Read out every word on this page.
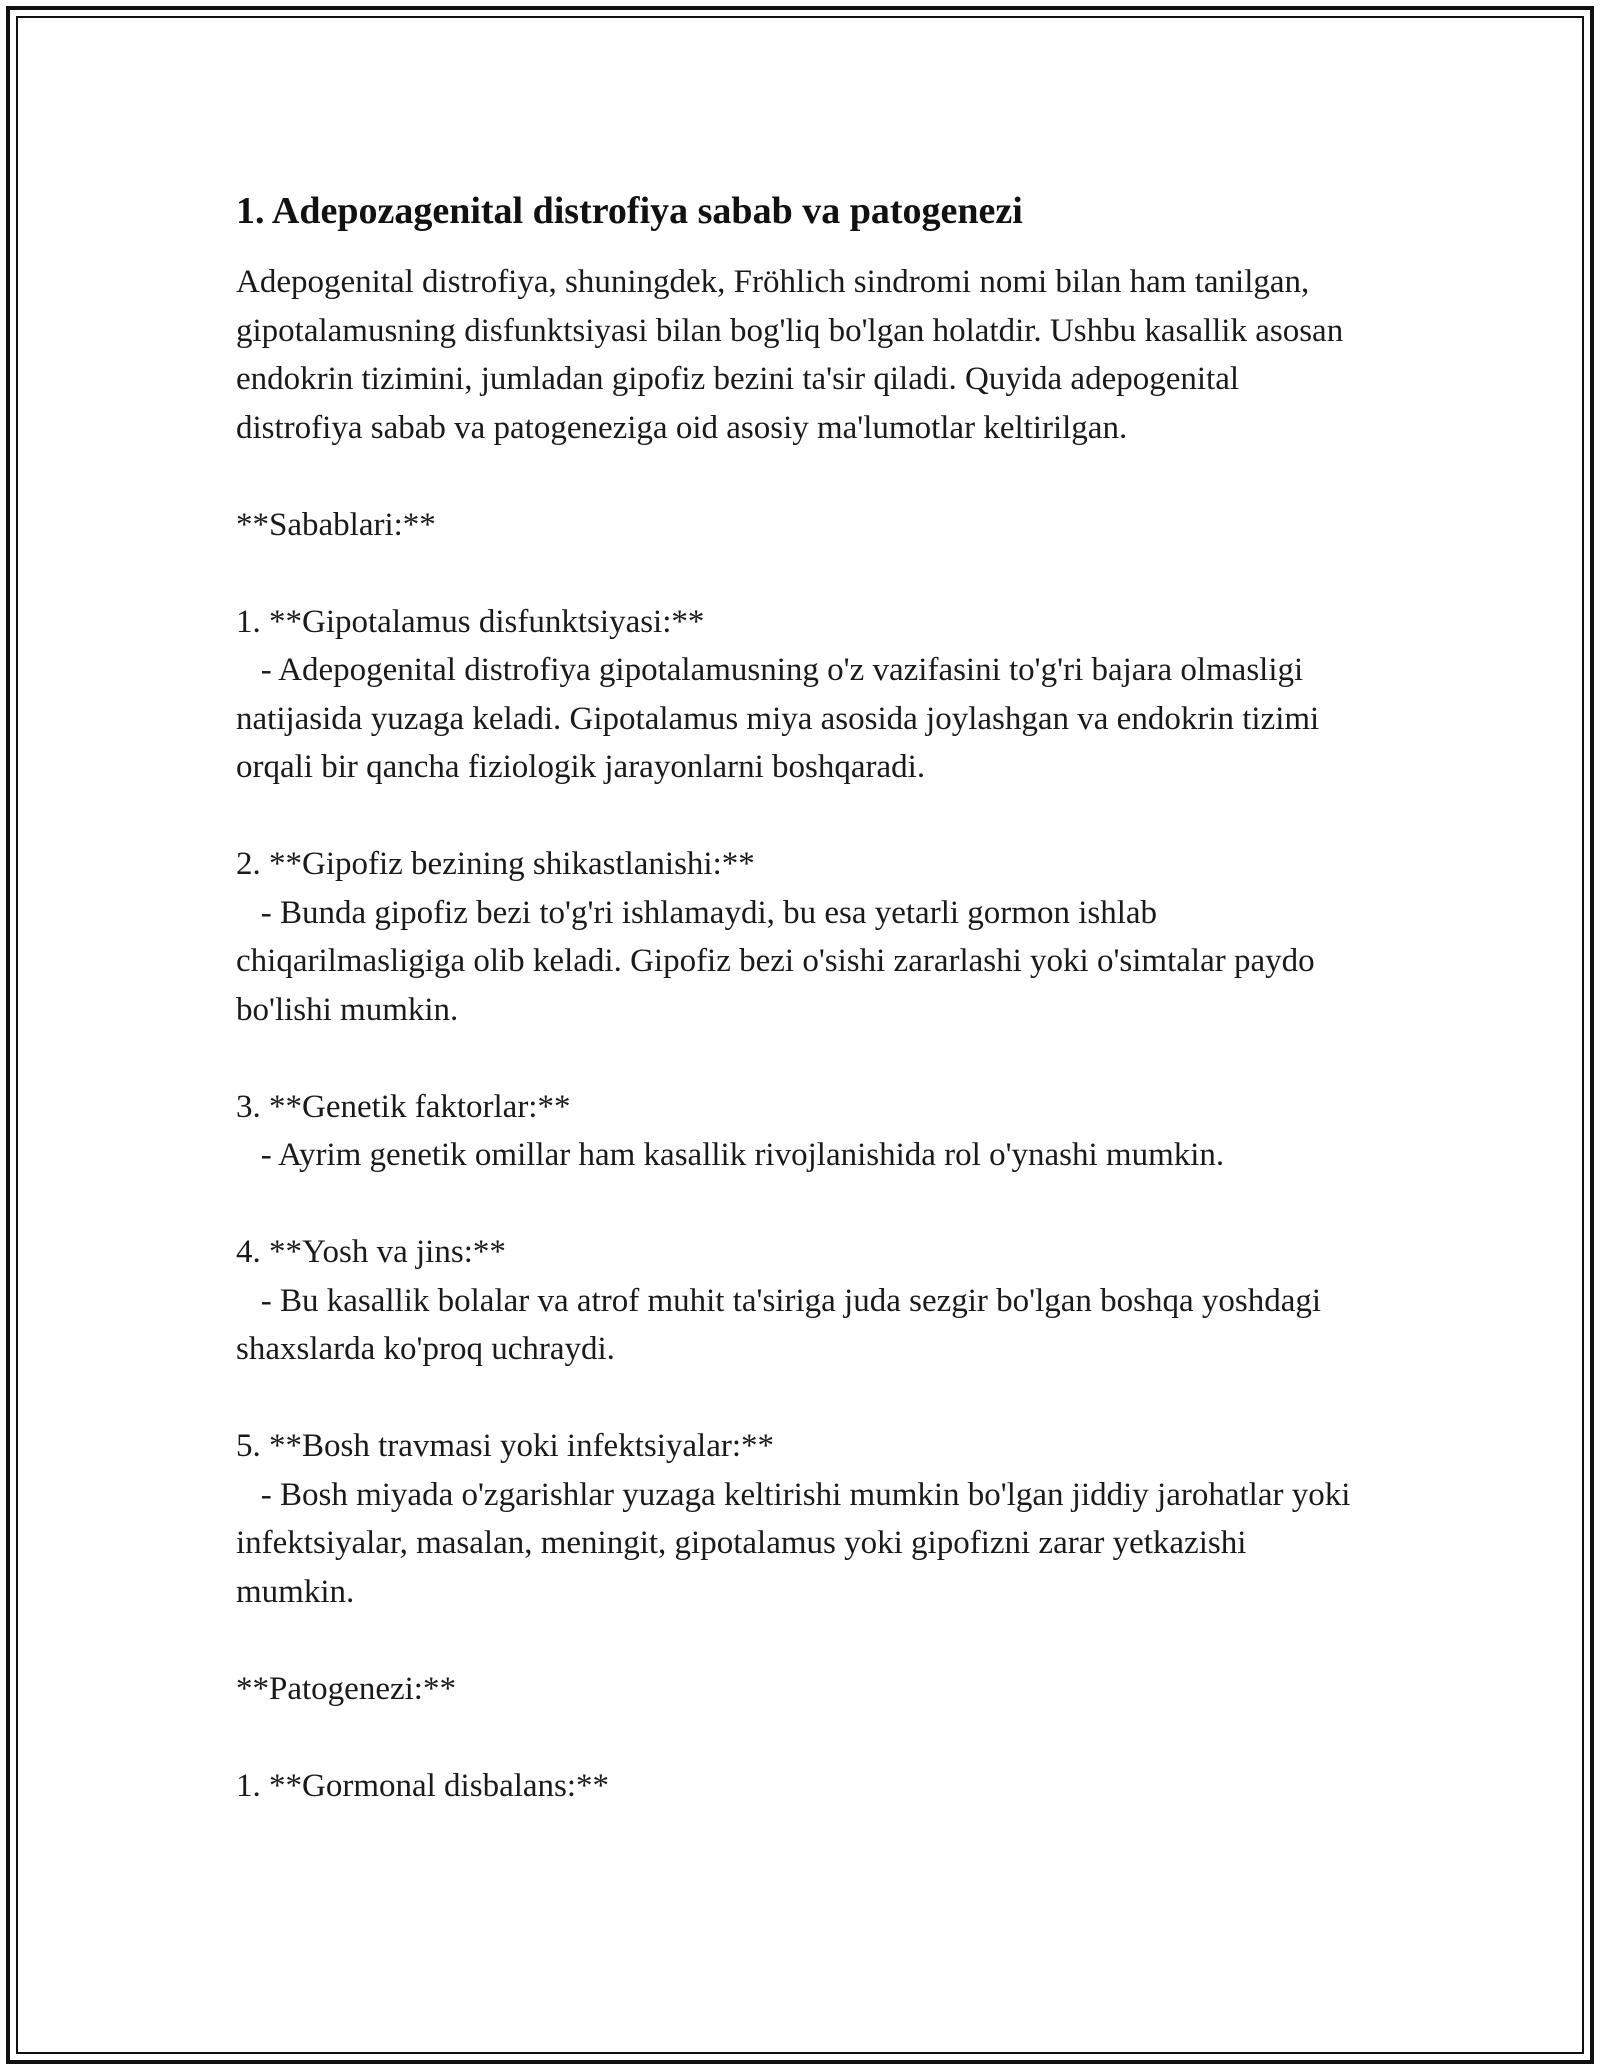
1. Adepozagenital distrofiya sabab va patogenezi

Adepogenital distrofiya, shuningdek, Fröhlich sindromi nomi bilan ham tanilgan, gipotalamusning disfunktsiyasi bilan bog'liq bo'lgan holatdir. Ushbu kasallik asosan endokrin tizimini, jumladan gipofiz bezini ta'sir qiladi. Quyida adepogenital distrofiya sabab va patogeneziga oid asosiy ma'lumotlar keltirilgan.

**Sabablari:**

1. **Gipotalamus disfunktsiyasi:**

- Adepogenital distrofiya gipotalamusning o'z vazifasini to'g'ri bajara olmasligi natijasida yuzaga keladi. Gipotalamus miya asosida joylashgan va endokrin tizimi orqali bir qancha fiziologik jarayonlarni boshqaradi.

2. **Gipofiz bezining shikastlanishi:**

- Bunda gipofiz bezi to'g'ri ishlamaydi, bu esa yetarli gormon ishlab chiqarilmasligiga olib keladi. Gipofiz bezi o'sishi zararlashi yoki o'simtalar paydo bo'lishi mumkin.

3. **Genetik faktorlar:**

- Ayrim genetik omillar ham kasallik rivojlanishida rol o'ynashi mumkin.

4. **Yosh va jins:**

- Bu kasallik bolalar va atrof muhit ta'siriga juda sezgir bo'lgan boshqa yoshdagi shaxslarda ko'proq uchraydi.

5. **Bosh travmasi yoki infektsiyalar:**

- Bosh miyada o'zgarishlar yuzaga keltirishi mumkin bo'lgan jiddiy jarohatlar yoki infektsiyalar, masalan, meningit, gipotalamus yoki gipofizni zarar yetkazishi mumkin.

**Patogenezi:**

1. **Gormonal disbalans:**
